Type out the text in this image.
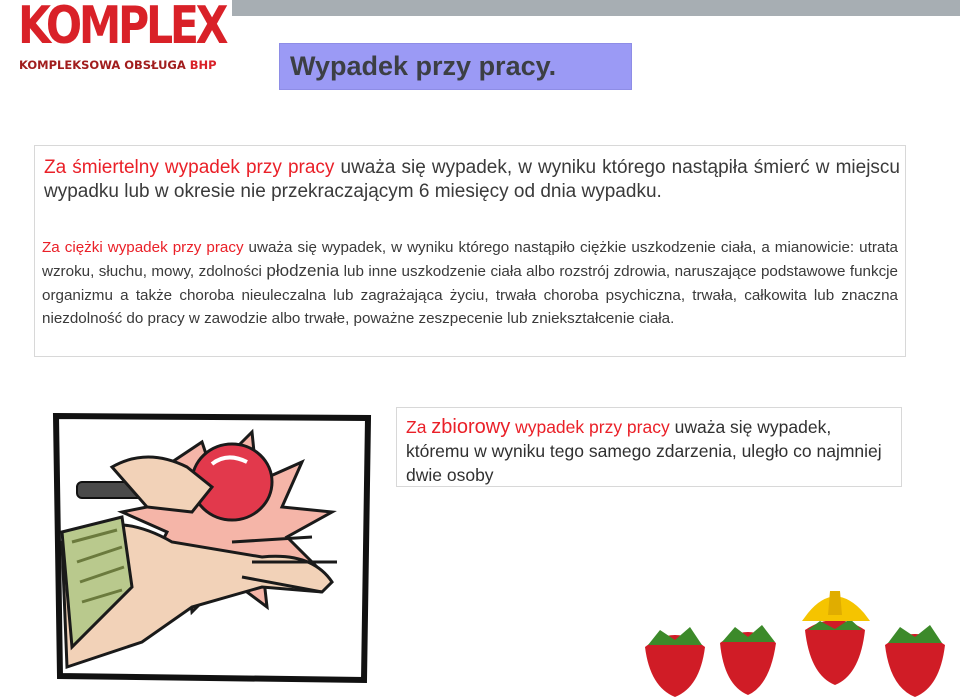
KOMPLEX
KOMPLEKSOWA OBSŁUGA BHP	Wypadek przy pracy.

Za śmiertelny wypadek przy pracy uważa się wypadek, w wyniku którego nastąpiła śmierć w miejscu wypadku lub w okresie nie przekraczającym 6 miesięcy od dnia wypadku.

Za ciężki wypadek przy pracy uważa się wypadek, w wyniku którego nastąpiło ciężkie uszkodzenie ciała, a mianowicie: utrata wzroku, słuchu, mowy, zdolności płodzenia lub inne uszkodzenie ciała albo rozstrój zdrowia, naruszające podstawowe funkcje organizmu a także choroba nieuleczalna lub zagrażająca życiu, trwała choroba psychiczna, trwała, całkowita lub znaczna niezdolność do pracy w zawodzie albo trwałe, poważne zeszpecenie lub zniekształcenie ciała.

Za zbiorowy wypadek przy pracy uważa się wypadek, któremu w wyniku tego samego zdarzenia, uległo co najmniej dwie osoby
